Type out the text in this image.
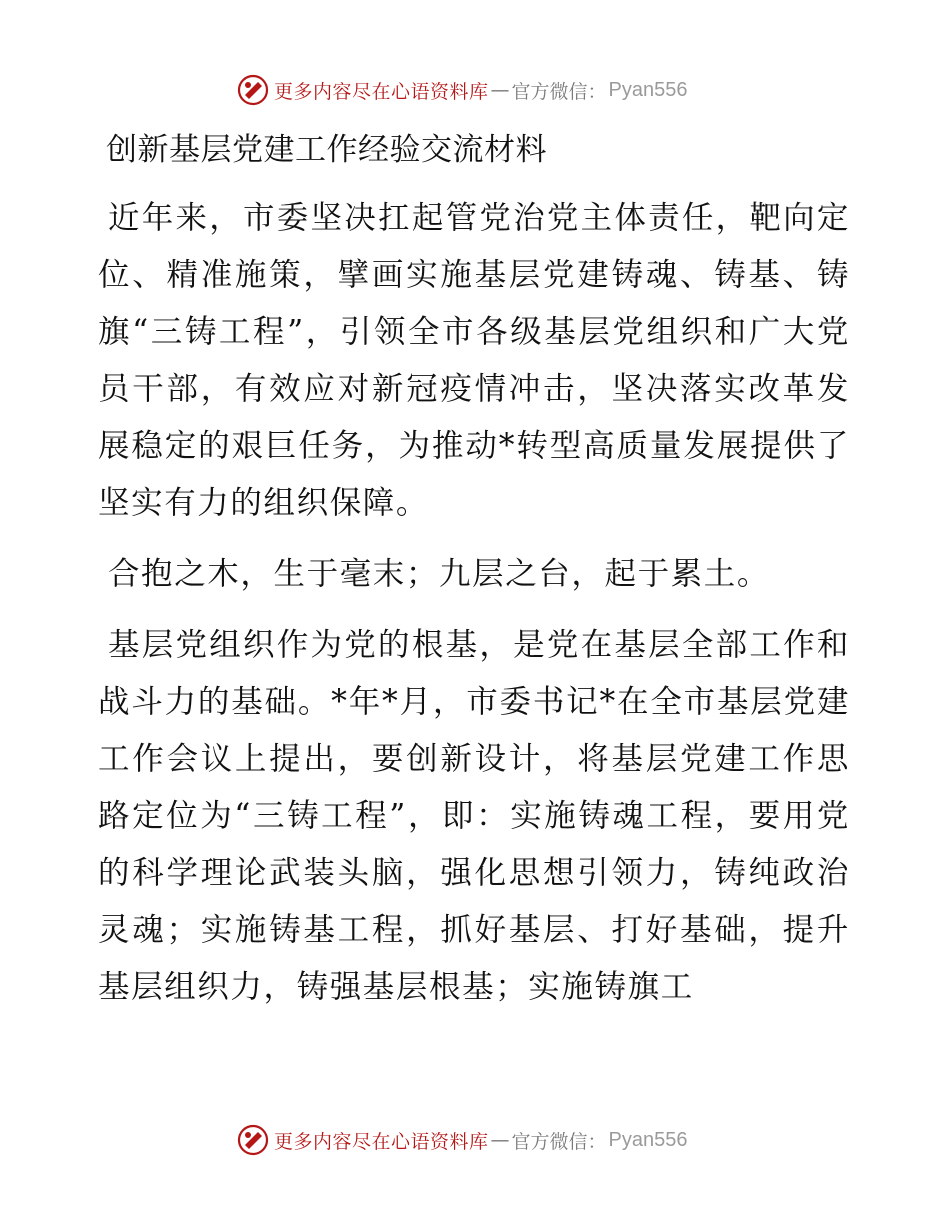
更多内容尽在心语资料库 — 官方微信： Pyan556
创新基层党建工作经验交流材料

近年来，市委坚决扛起管党治党主体责任，靶向定位、精准施策，擘画实施基层党建铸魂、铸基、铸旗“三铸工程”，引领全市各级基层党组织和广大党员干部，有效应对新冠疫情冲击，坚决落实改革发展稳定的艰巨任务，为推动*转型高质量发展提供了坚实有力的组织保障。

合抱之木，生于毫末；九层之台，起于累土。

基层党组织作为党的根基，是党在基层全部工作和战斗力的基础。*年*月，市委书记*在全市基层党建工作会议上提出，要创新设计，将基层党建工作思路定位为“三铸工程”，即：实施铸魂工程，要用党的科学理论武装头脑，强化思想引领力，铸纯政治灵魂；实施铸基工程，抓好基层、打好基础，提升基层组织力，铸强基层根基；实施铸旗工

更多内容尽在心语资料库 — 官方微信： Pyan556
